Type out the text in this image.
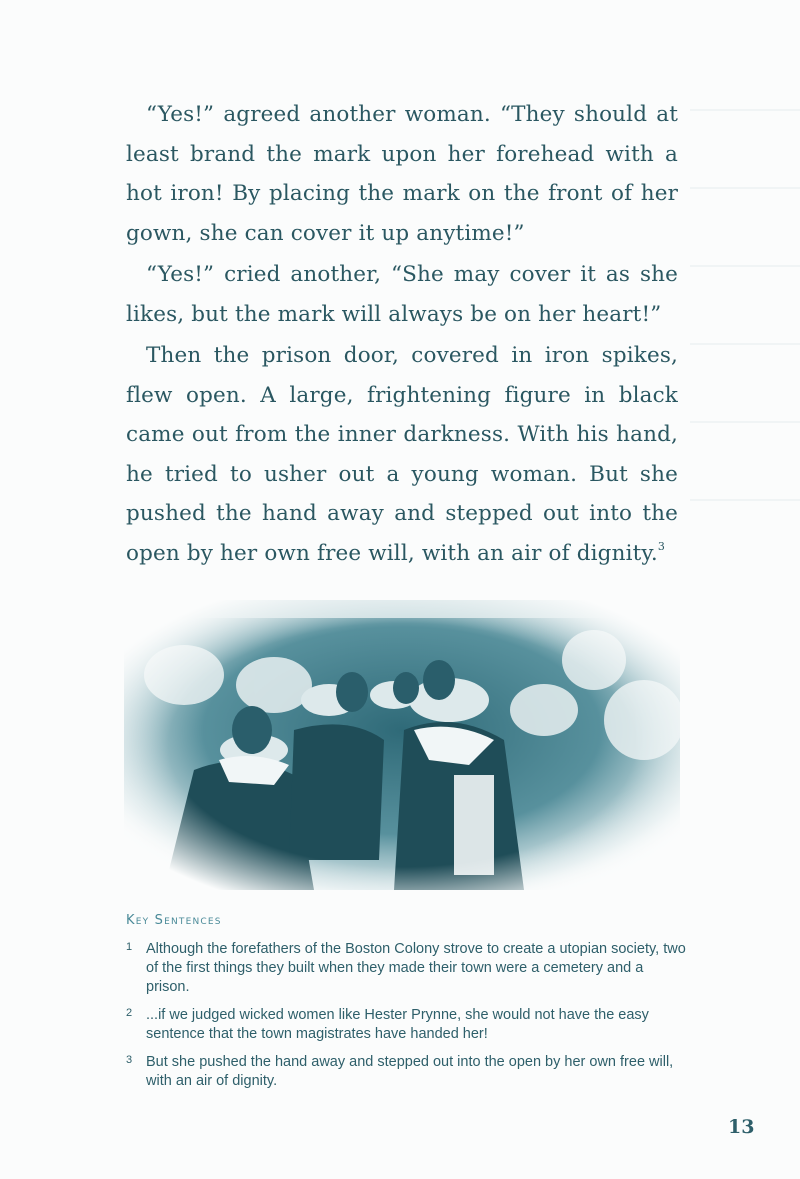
“Yes!” agreed another woman. “They should at least brand the mark upon her forehead with a hot iron! By placing the mark on the front of her gown, she can cover it up anytime!”

“Yes!” cried another, “She may cover it as she likes, but the mark will always be on her heart!”

Then the prison door, covered in iron spikes, flew open. A large, frightening figure in black came out from the inner darkness. With his hand, he tried to usher out a young woman. But she pushed the hand away and stepped out into the open by her own free will, with an air of dignity.$^3$

Key Sentences
1 Although the forefathers of the Boston Colony strove to create a utopian society, two of the first things they built when they made their town were a cemetery and a prison.
2 ...if we judged wicked women like Hester Prynne, she would not have the easy sentence that the town magistrates have handed her!
3 But she pushed the hand away and stepped out into the open by her own free will, with an air of dignity.
13
